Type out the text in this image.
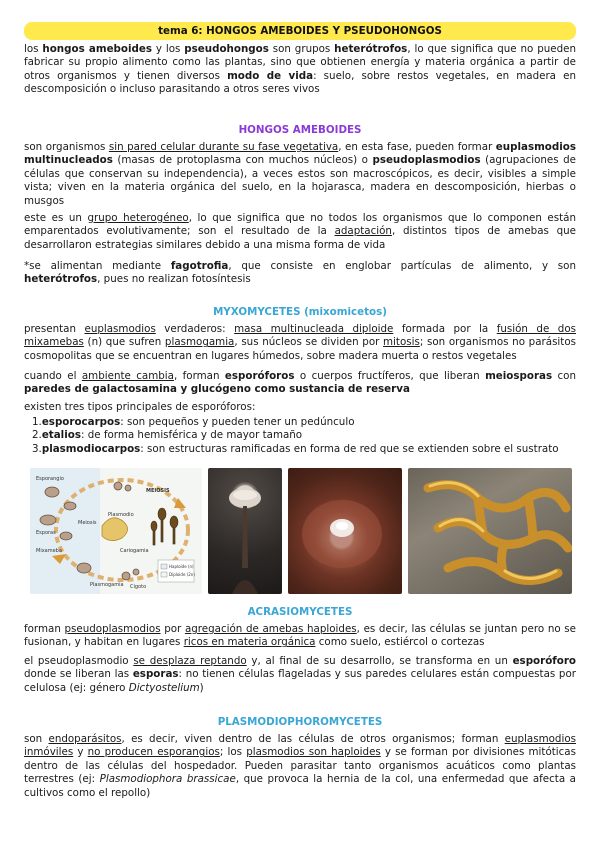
tema 6: HONGOS AMEBOIDES Y PSEUDOHONGOS

los hongos ameboides y los pseudohongos son grupos heterótrofos, lo que significa que no pueden fabricar su propio alimento como las plantas, sino que obtienen energía y materia orgánica a partir de otros organismos y tienen diversos modo de vida: suelo, sobre restos vegetales, en madera en descomposición o incluso parasitando a otros seres vivos

HONGOS AMEBOIDES

son organismos sin pared celular durante su fase vegetativa, en esta fase, pueden formar euplasmodios multinucleados (masas de protoplasma con muchos núcleos) o pseudoplasmodios (agrupaciones de células que conservan su independencia), a veces estos son macroscópicos, es decir, visibles a simple vista; viven en la materia orgánica del suelo, en la hojarasca, madera en descomposición, hierbas o musgos

este es un grupo heterogéneo, lo que significa que no todos los organismos que lo componen están emparentados evolutivamente; son el resultado de la adaptación, distintos tipos de amebas que desarrollaron estrategias similares debido a una misma forma de vida

*se alimentan mediante fagotrofia, que consiste en englobar partículas de alimento, y son heterótrofos, pues no realizan fotosíntesis

MYXOMYCETES (mixomicetos)

presentan euplasmodios verdaderos: masa multinucleada diploide formada por la fusión de dos mixamebas (n) que sufren plasmogamia, sus núcleos se dividen por mitosis; son organismos no parásitos cosmopolitas que se encuentran en lugares húmedos, sobre madera muerta o restos vegetales

cuando el ambiente cambia, forman esporóforos o cuerpos fructíferos, que liberan meiosporas con paredes de galactosamina y glucógeno como sustancia de reserva

existen tres tipos principales de esporóforos:

1.esporocarpos: son pequeños y pueden tener un pedúnculo
2.etalios: de forma hemisférica y de mayor tamaño
3.plasmodiocarpos: son estructuras ramificadas en forma de red que se extienden sobre el sustrato
Esporangio
Meiosis
Esporas
Mixameba
Plasmogamia Cigoto
Plasmodio
Cariogamia
MEIOSIS
Haploide (n)
Diploide (2n)
ACRASIOMYCETES

forman pseudoplasmodios por agregación de amebas haploides, es decir, las células se juntan pero no se fusionan, y habitan en lugares ricos en materia orgánica como suelo, estiércol o cortezas

el pseudoplasmodio se desplaza reptando y, al final de su desarrollo, se transforma en un esporóforo donde se liberan las esporas: no tienen células flageladas y sus paredes celulares están compuestas por celulosa (ej: género Dictyostelium)

PLASMODIOPHOROMYCETES

son endoparásitos, es decir, viven dentro de las células de otros organismos; forman euplasmodios inmóviles y no producen esporangios; los plasmodios son haploides y se forman por divisiones mitóticas dentro de las células del hospedador. Pueden parasitar tanto organismos acuáticos como plantas terrestres (ej: Plasmodiophora brassicae, que provoca la hernia de la col, una enfermedad que afecta a cultivos como el repollo)
